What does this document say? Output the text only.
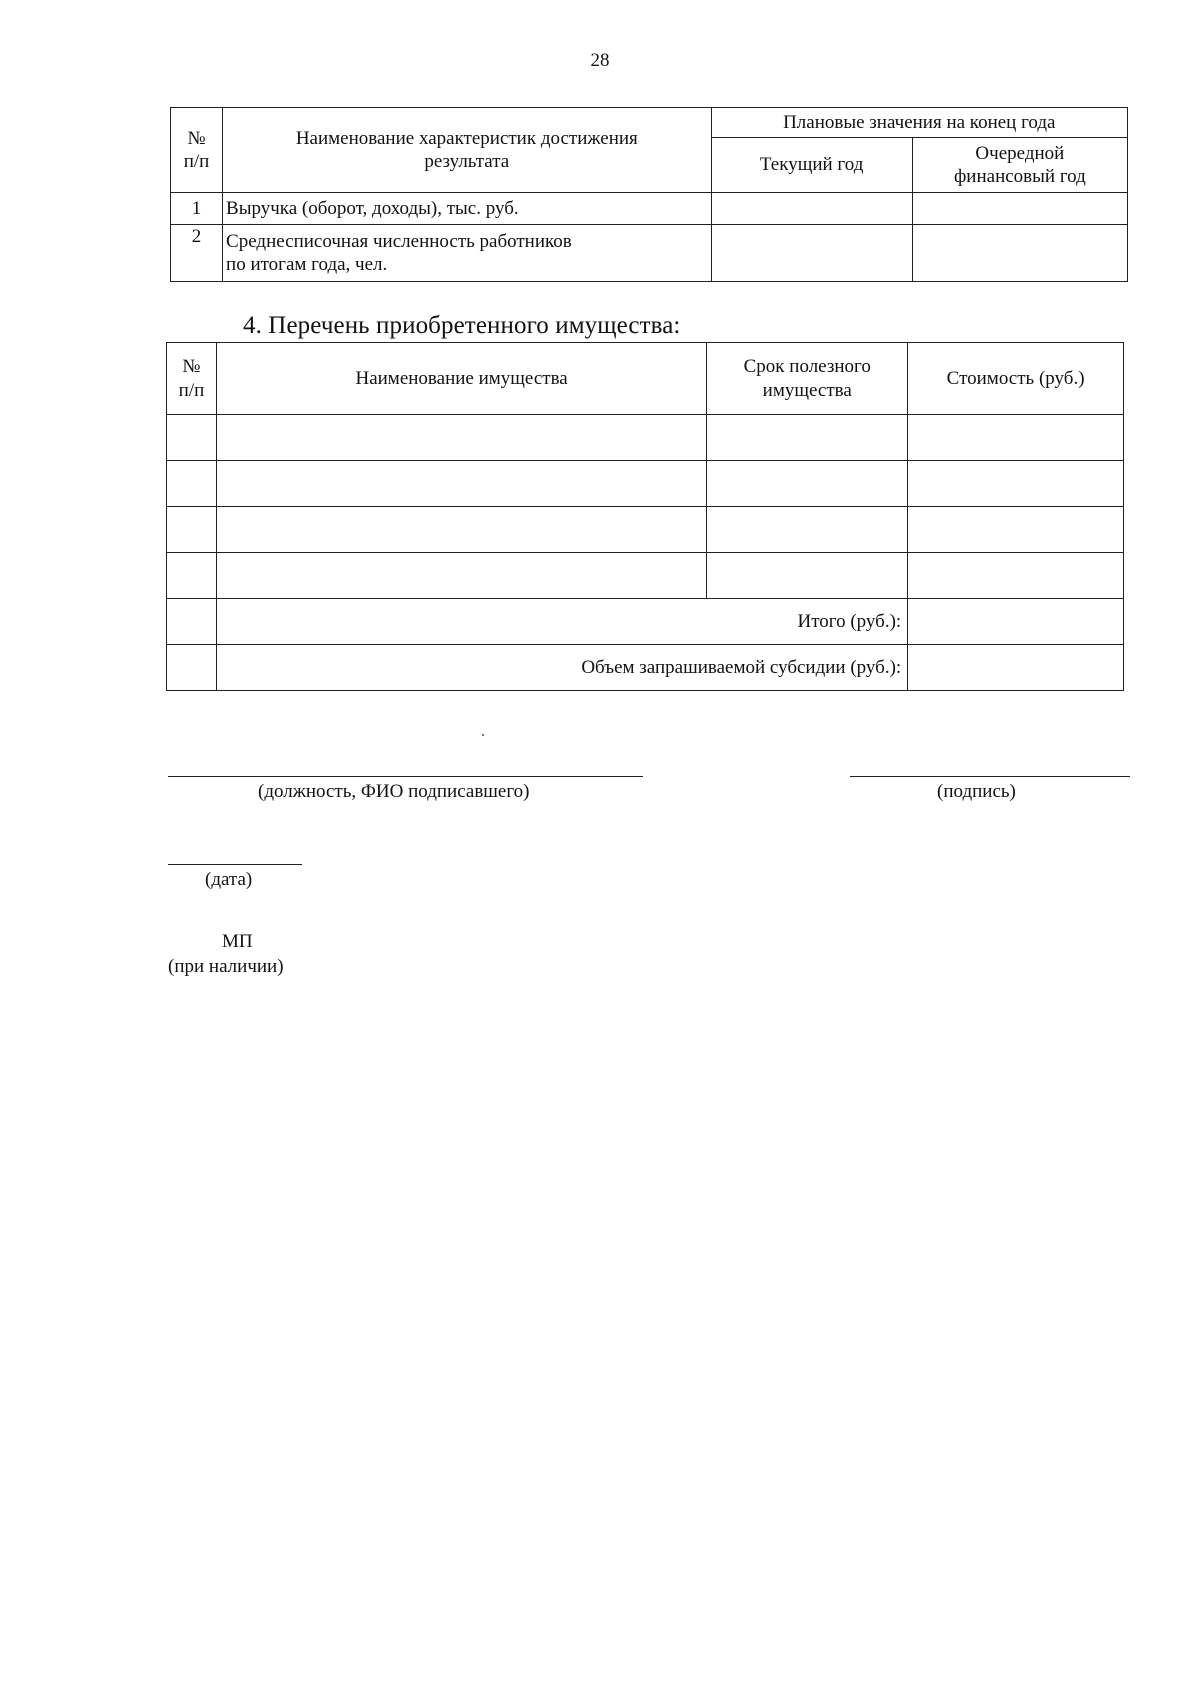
28
№
п/п	Наименование характеристик достижения результата	Плановые значения на конец года	
		Текущий год	Очередной финансовый год

1	Выручка (оборот, доходы), тыс. руб.		
2	Среднесписочная численность работников
по итогам года, чел.		

4. Перечень приобретенного имущества:
№
п/п	Наименование имущества	Срок полезного имущества	Стоимость (руб.)

	Итого (руб.):		
	Объем запрашиваемой субсидии (руб.):		
(должность, ФИО подписавшего)	(подпись)
(дата)
МП
(при наличии)
